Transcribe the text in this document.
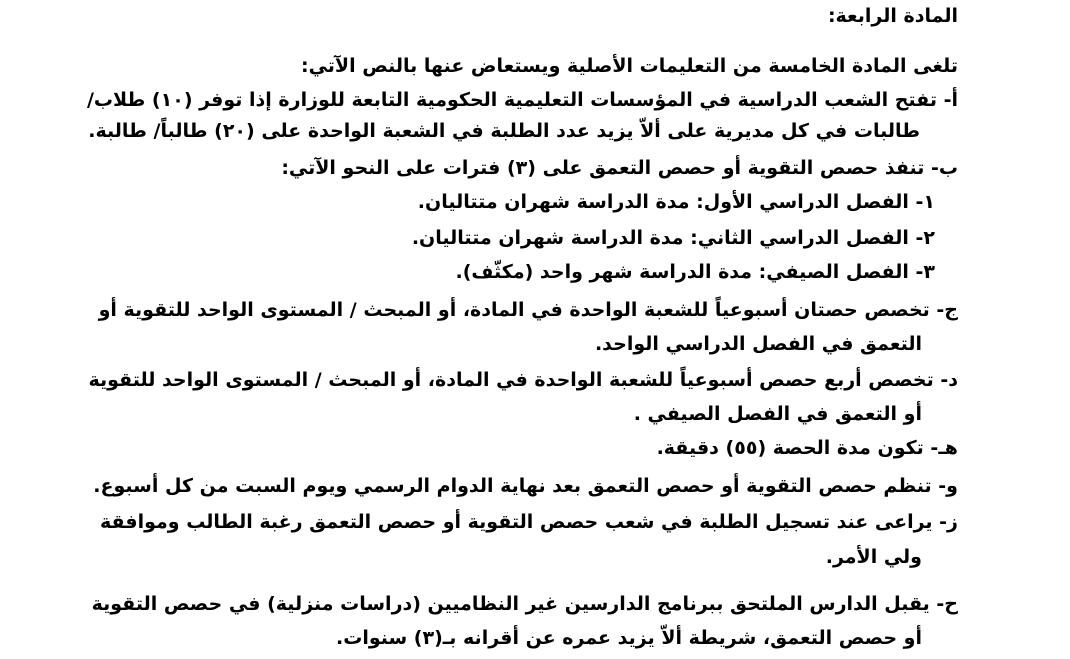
المادة الرابعة:
تلغى المادة الخامسة من التعليمات الأصلية ويستعاض عنها بالنص الآتي:
أ- تفتح الشعب الدراسية في المؤسسات التعليمية الحكومية التابعة للوزارة إذا توفر (١٠) طلاب/
طالبات في كل مديرية على ألاّ يزيد عدد الطلبة في الشعبة الواحدة على (٢٠) طالباً/ طالبة.
ب- تنفذ حصص التقوية أو حصص التعمق على (٣) فترات على النحو الآتي:
١- الفصل الدراسي الأول: مدة الدراسة شهران متتاليان.
٢- الفصل الدراسي الثاني: مدة الدراسة شهران متتاليان.
٣- الفصل الصيفي: مدة الدراسة شهر واحد (مكثّف).
ج- تخصص حصتان أسبوعياً للشعبة الواحدة في المادة، أو المبحث / المستوى الواحد للتقوية أو
التعمق في الفصل الدراسي الواحد.
د- تخصص أربع حصص أسبوعياً للشعبة الواحدة في المادة، أو المبحث / المستوى الواحد للتقوية
أو التعمق في الفصل الصيفي .
هـ- تكون مدة الحصة (٥٥) دقيقة.
و- تنظم حصص التقوية أو حصص التعمق بعد نهاية الدوام الرسمي ويوم السبت من كل أسبوع.
ز- يراعى عند تسجيل الطلبة في شعب حصص التقوية أو حصص التعمق رغبة الطالب وموافقة
ولي الأمر.
ح- يقبل الدارس الملتحق ببرنامج الدارسين غير النظاميين (دراسات منزلية) في حصص التقوية
أو حصص التعمق، شريطة ألاّ يزيد عمره عن أقرانه بـ(٣) سنوات.
